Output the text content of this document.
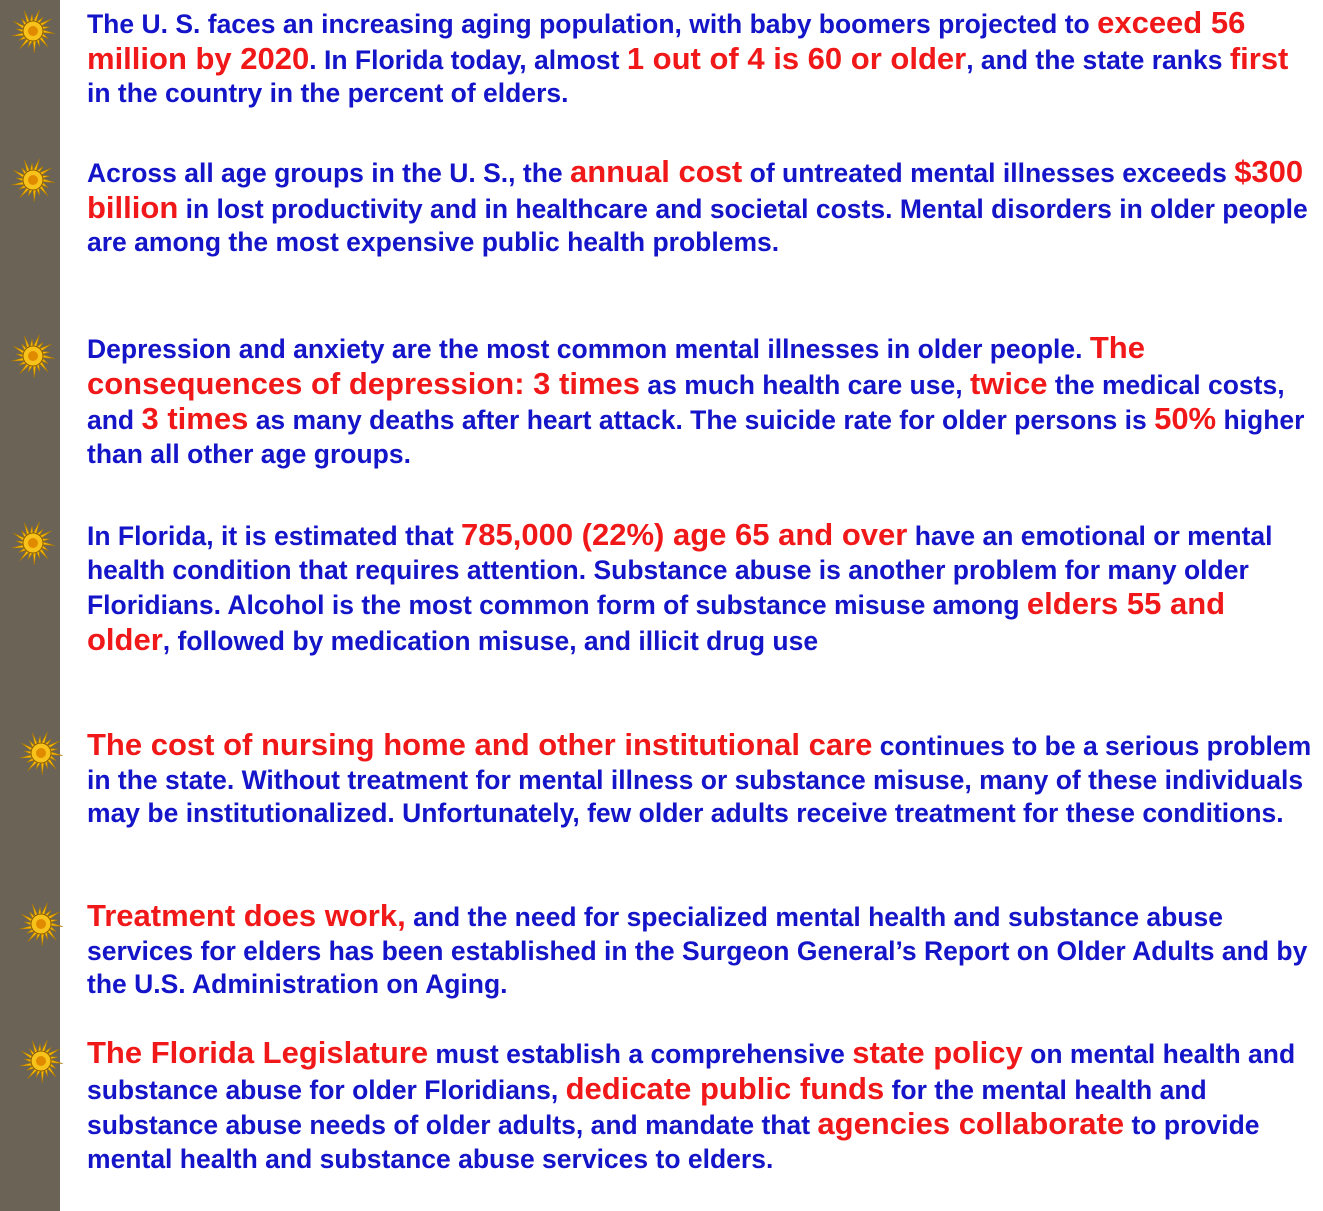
The U. S. faces an increasing aging population, with baby boomers projected to exceed 56 million by 2020. In Florida today, almost 1 out of 4 is 60 or older, and the state ranks first in the country in the percent of elders.

Across all age groups in the U. S., the annual cost of untreated mental illnesses exceeds $300 billion in lost productivity and in healthcare and societal costs. Mental disorders in older people are among the most expensive public health problems.

Depression and anxiety are the most common mental illnesses in older people. The consequences of depression: 3 times as much health care use, twice the medical costs, and 3 times as many deaths after heart attack. The suicide rate for older persons is 50% higher than all other age groups.

In Florida, it is estimated that 785,000 (22%) age 65 and over have an emotional or mental health condition that requires attention. Substance abuse is another problem for many older Floridians. Alcohol is the most common form of substance misuse among elders 55 and older, followed by medication misuse, and illicit drug use

The cost of nursing home and other institutional care continues to be a serious problem in the state. Without treatment for mental illness or substance misuse, many of these individuals may be institutionalized. Unfortunately, few older adults receive treatment for these conditions.

Treatment does work, and the need for specialized mental health and substance abuse services for elders has been established in the Surgeon General’s Report on Older Adults and by the U.S. Administration on Aging.

The Florida Legislature must establish a comprehensive state policy on mental health and substance abuse for older Floridians, dedicate public funds for the mental health and substance abuse needs of older adults, and mandate that agencies collaborate to provide mental health and substance abuse services to elders.
